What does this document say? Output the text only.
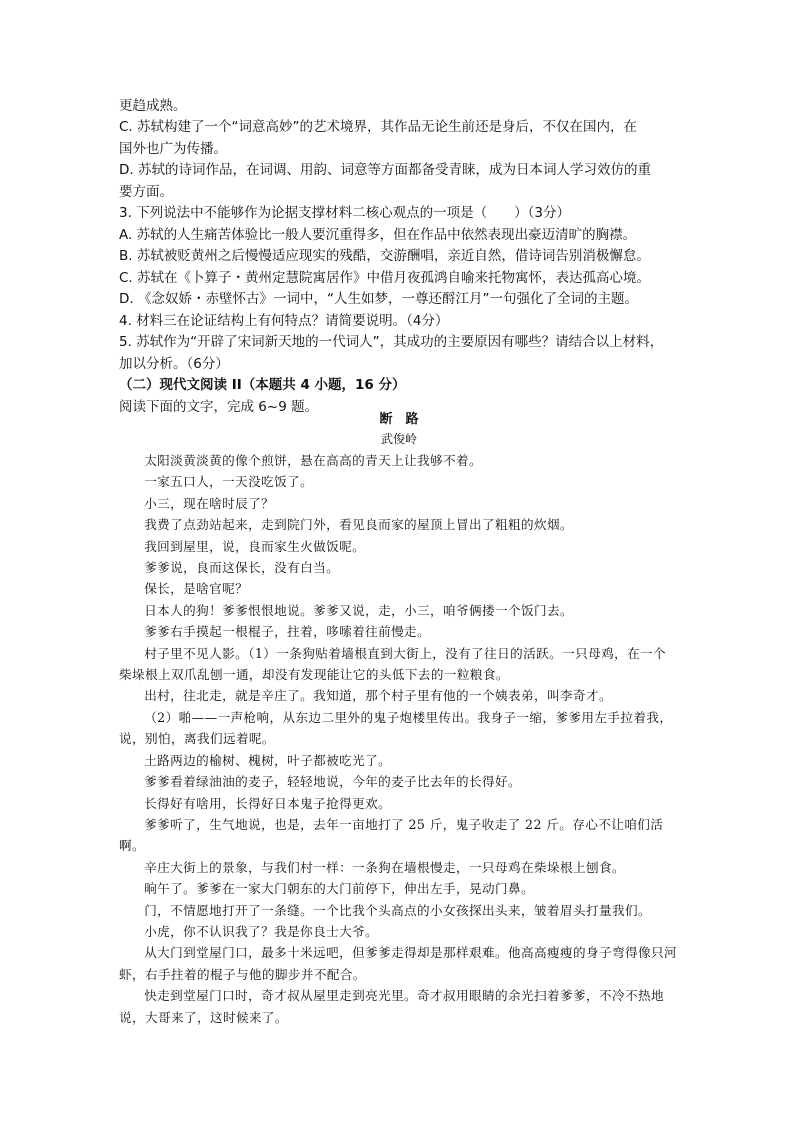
更趋成熟。

C. 苏轼构建了一个“词意高妙”的艺术境界，其作品无论生前还是身后，不仅在国内，在

国外也广为传播。

D. 苏轼的诗词作品，在词调、用韵、词意等方面都备受青睐，成为日本词人学习效仿的重

要方面。

3. 下列说法中不能够作为论据支撑材料二核心观点的一项是（　　）（3分）

A. 苏轼的人生痛苦体验比一般人要沉重得多，但在作品中依然表现出豪迈清旷的胸襟。

B. 苏轼被贬黄州之后慢慢适应现实的残酷，交游酬唱，亲近自然，借诗词告别消极懈怠。

C. 苏轼在《卜算子・黄州定慧院寓居作》中借月夜孤鸿自喻来托物寓怀，表达孤高心境。

D. 《念奴娇・赤壁怀古》一词中，“人生如梦，一尊还酹江月”一句强化了全词的主题。

4. 材料三在论证结构上有何特点？请简要说明。（4分）

5. 苏轼作为“开辟了宋词新天地的一代词人”，其成功的主要原因有哪些？请结合以上材料，

加以分析。（6分）

（二）现代文阅读 II（本题共 4 小题，16 分）

阅读下面的文字，完成 6~9 题。

断　路

武俊岭

太阳淡黄淡黄的像个煎饼，悬在高高的青天上让我够不着。

一家五口人，一天没吃饭了。

小三，现在啥时辰了？

我费了点劲站起来，走到院门外，看见良而家的屋顶上冒出了粗粗的炊烟。

我回到屋里，说，良而家生火做饭呢。

爹爹说，良而这保长，没有白当。

保长，是啥官呢？

日本人的狗！爹爹恨恨地说。爹爹又说，走，小三，咱爷俩搂一个饭门去。

爹爹右手摸起一根棍子，拄着，哆嗦着往前慢走。

村子里不见人影。（1）一条狗贴着墙根直到大街上，没有了往日的活跃。一只母鸡，在一个柴垛根上双爪乱刨一通，却没有发现能让它的头低下去的一粒粮食。

出村，往北走，就是辛庄了。我知道，那个村子里有他的一个姨表弟，叫李奇才。

（2）啪——一声枪响，从东边二里外的鬼子炮楼里传出。我身子一缩，爹爹用左手拉着我，说，别怕，离我们远着呢。

土路两边的榆树、槐树，叶子都被吃光了。

爹爹看着绿油油的麦子，轻轻地说，今年的麦子比去年的长得好。

长得好有啥用，长得好日本鬼子抢得更欢。

爹爹听了，生气地说，也是，去年一亩地打了 25 斤，鬼子收走了 22 斤。存心不让咱们活啊。

辛庄大街上的景象，与我们村一样：一条狗在墙根慢走，一只母鸡在柴垛根上刨食。

晌午了。爹爹在一家大门朝东的大门前停下，伸出左手，晃动门鼻。

门，不情愿地打开了一条缝。一个比我个头高点的小女孩探出头来，皱着眉头打量我们。

小虎，你不认识我了？我是你良士大爷。

从大门到堂屋门口，最多十米远吧，但爹爹走得却是那样艰难。他高高瘦瘦的身子弯得像只河虾，右手拄着的棍子与他的脚步并不配合。

快走到堂屋门口时，奇才叔从屋里走到亮光里。奇才叔用眼睛的余光扫着爹爹，不冷不热地说，大哥来了，这时候来了。
